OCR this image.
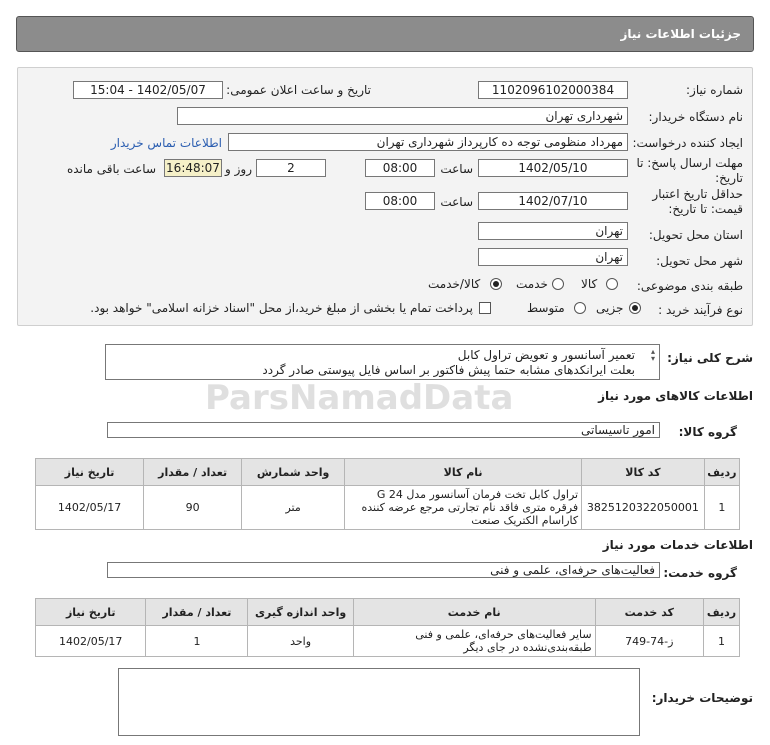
جزئیات اطلاعات نیاز
شماره نیاز:
1102096102000384
تاریخ و ساعت اعلان عمومی:
1402/05/07 - 15:04
نام دستگاه خریدار:
شهرداری تهران
ایجاد کننده درخواست:
مهرداد منظومی توجه ده کارپرداز شهرداری تهران
اطلاعات تماس خریدار
مهلت ارسال پاسخ: تا
تاریخ:
1402/05/10
ساعت
08:00
2
روز و
16:48:07
ساعت باقی مانده
حداقل تاریخ اعتبار
قیمت: تا تاریخ:
1402/07/10
ساعت
08:00
استان محل تحویل:
تهران
شهر محل تحویل:
تهران
طبقه بندی موضوعی:
کالا
خدمت
کالا/خدمت
نوع فرآیند خرید :
جزیی
متوسط
پرداخت تمام یا بخشی از مبلغ خرید،از محل "اسناد خزانه اسلامی" خواهد بود.
شرح کلی نیاز:
تعمیر آسانسور و تعویض تراول کابل
بعلت ایرانکدهای مشابه حتما پیش فاکتور بر اساس فایل پیوستی صادر گردد
▴
▾
اطلاعات کالاهای مورد نیاز
گروه کالا:
امور تاسیساتی
تاریخ نیاز	تعداد / مقدار	واحد شمارش	نام کالا	کد کالا	ردیف
1402/05/17	90	متر	تراول کابل تخت فرمان آسانسور مدل G 24 فرقره متری فاقد نام تجارتی مرجع عرضه کننده کاراسام الکتریک صنعت	3825120322050001	1
اطلاعات خدمات مورد نیاز
گروه خدمت:
فعالیت‌های حرفه‌ای، علمی و فنی
تاریخ نیاز	تعداد / مقدار	واحد اندازه گیری	نام خدمت	کد خدمت	ردیف
1402/05/17	1	واحد	سایر فعالیت‌های حرفه‌ای، علمی و فنی طبقه‌بندی‌نشده در جای دیگر	ز-74-749	1
توضیحات خریدار:
ParsNamadData
